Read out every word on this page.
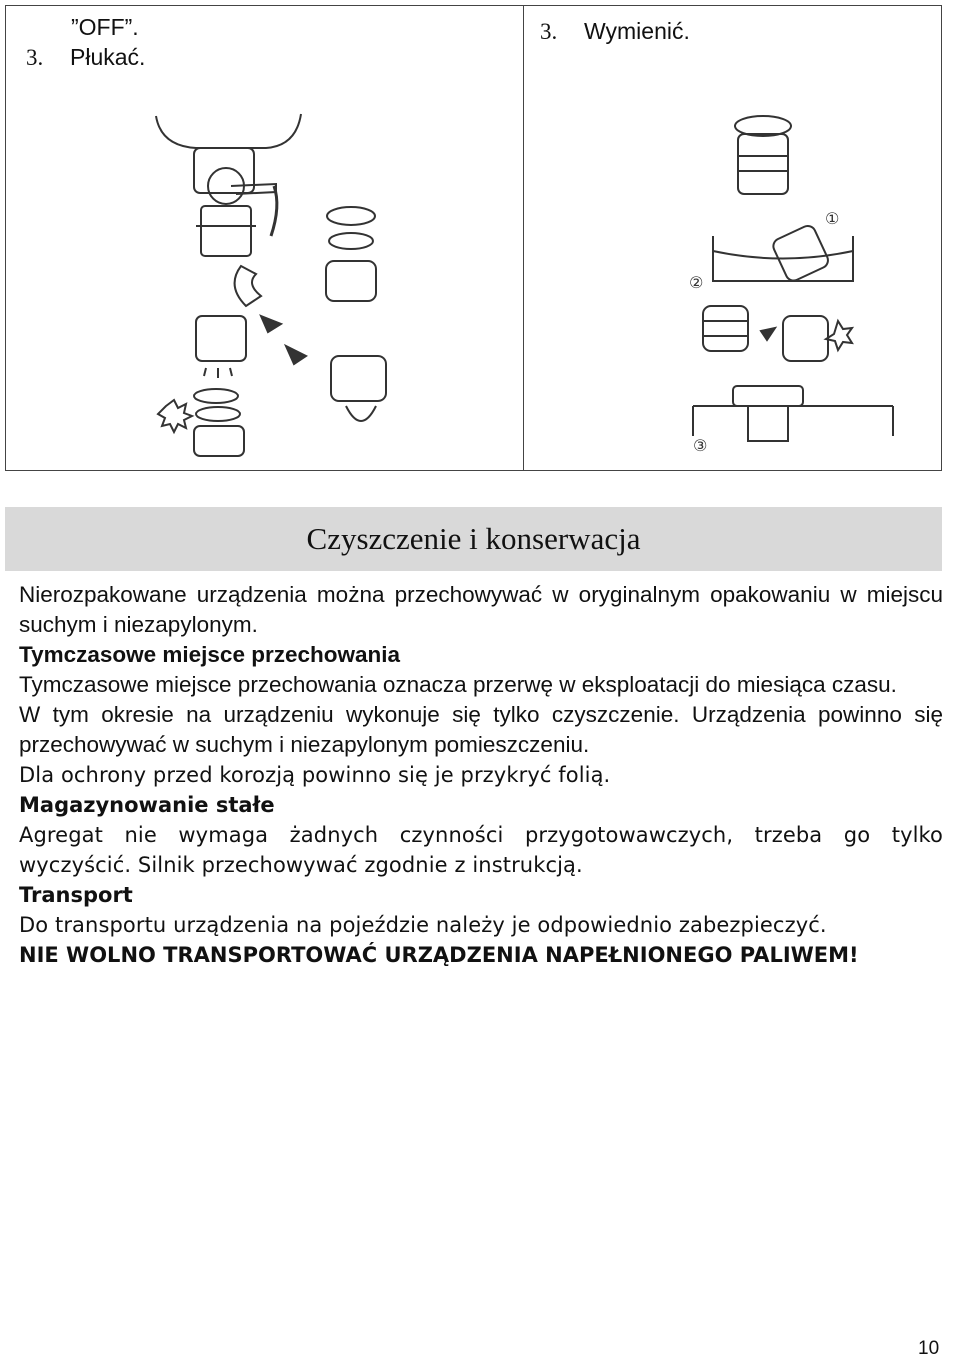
”OFF”.
3. Płukać.
3. Wymienić.
①
②
③
Czyszczenie i konserwacja

Nierozpakowane urządzenia można przechowywać w oryginalnym opakowaniu w miejscu suchym i niezapylonym.

Tymczasowe miejsce przechowania

Tymczasowe miejsce przechowania oznacza przerwę w eksploatacji do miesiąca czasu.

W tym okresie na urządzeniu wykonuje się tylko czyszczenie. Urządzenia powinno się przechowywać w suchym i niezapylonym pomieszczeniu.

Dla ochrony przed korozją powinno się je przykryć folią.

Magazynowanie stałe

Agregat nie wymaga żadnych czynności przygotowawczych, trzeba go tylko wyczyścić. Silnik przechowywać zgodnie z instrukcją.

Transport

Do transportu urządzenia na pojeździe należy je odpowiednio zabezpieczyć.

NIE WOLNO TRANSPORTOWAĆ URZĄDZENIA NAPEŁNIONEGO PALIWEM!

10
